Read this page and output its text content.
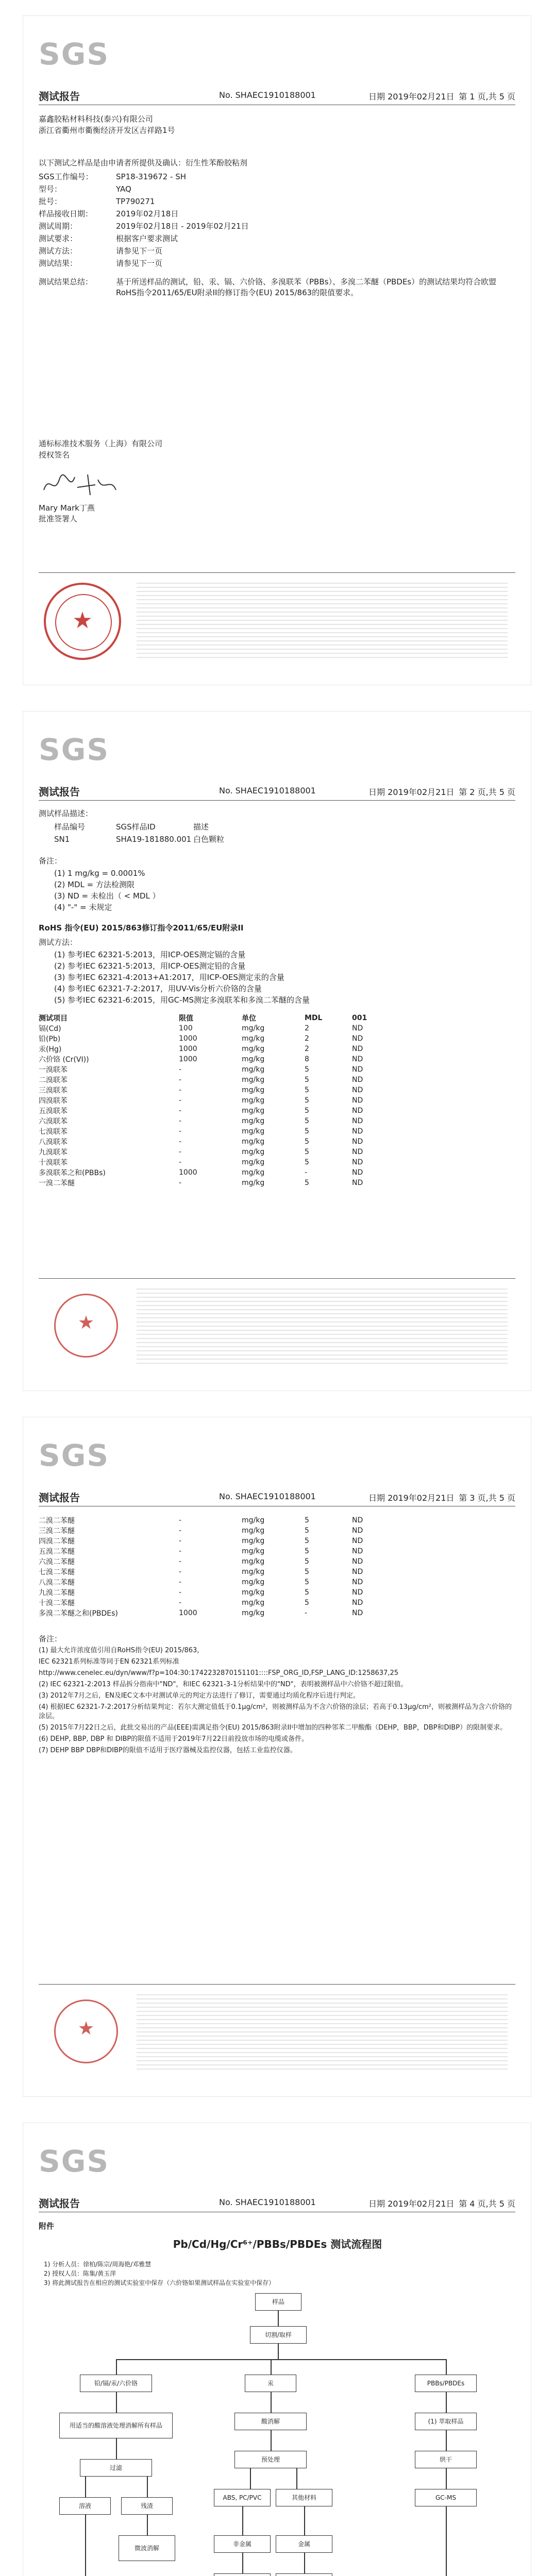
SGS
测试报告	No. SHAEC1910188001	日期 2019年02月21日 第 1 页,共 5 页
嘉鑫胶粘材料科技(泰兴)有限公司
浙江省衢州市衢衡经济开发区吉祥路1号
以下测试之样品是由申请者所提供及确认：衍生性苯酚胶粘剂
SGS工作编号：	SP18-319672 - SH
型号：	YAQ
批号：	TP790271
样品接收日期：	2019年02月18日
测试周期：	2019年02月18日 - 2019年02月21日
测试要求：	根据客户要求测试
测试方法：	请参见下一页
测试结果：	请参见下一页
测试结果总结：	基于所送样品的测试，铅、汞、镉、六价铬、多溴联苯（PBBs）、多溴二苯醚（PBDEs）的测试结果均符合欧盟RoHS指令2011/65/EU附录II的修订指令(EU) 2015/863的限值要求。
通标标准技术服务（上海）有限公司
授权签名
Mary Mark丁燕
批准签署人
★
SGS
测试报告	No. SHAEC1910188001	日期 2019年02月21日 第 2 页,共 5 页
测试样品描述：
样品编号	SGS样品ID	描述
SN1	SHA19-181880.001 白色颗粒
备注：
(1) 1 mg/kg = 0.0001%
(2) MDL = 方法检测限
(3) ND = 未检出（ < MDL ）
(4) "-" = 未规定
RoHS 指令(EU) 2015/863修订指令2011/65/EU附录II
测试方法：
(1) 参考IEC 62321-5:2013，用ICP-OES测定镉的含量
(2) 参考IEC 62321-5:2013，用ICP-OES测定铅的含量
(3) 参考IEC 62321-4:2013+A1:2017，用ICP-OES测定汞的含量
(4) 参考IEC 62321-7-2:2017，用UV-Vis分析六价铬的含量
(5) 参考IEC 62321-6:2015，用GC-MS测定多溴联苯和多溴二苯醚的含量
测试项目	限值	单位	MDL	001
镉(Cd)	100	mg/kg	2	ND
铅(Pb)	1000	mg/kg	2	ND
汞(Hg)	1000	mg/kg	2	ND
六价铬 (Cr(VI))	1000	mg/kg	8	ND
一溴联苯	-	mg/kg	5	ND
二溴联苯	-	mg/kg	5	ND
三溴联苯	-	mg/kg	5	ND
四溴联苯	-	mg/kg	5	ND
五溴联苯	-	mg/kg	5	ND
六溴联苯	-	mg/kg	5	ND
七溴联苯	-	mg/kg	5	ND
八溴联苯	-	mg/kg	5	ND
九溴联苯	-	mg/kg	5	ND
十溴联苯	-	mg/kg	5	ND
多溴联苯之和(PBBs)	1000	mg/kg	-	ND
一溴二苯醚	-	mg/kg	5	ND
★
SGS
测试报告	No. SHAEC1910188001	日期 2019年02月21日 第 3 页,共 5 页
二溴二苯醚	-	mg/kg	5	ND
三溴二苯醚	-	mg/kg	5	ND
四溴二苯醚	-	mg/kg	5	ND
五溴二苯醚	-	mg/kg	5	ND
六溴二苯醚	-	mg/kg	5	ND
七溴二苯醚	-	mg/kg	5	ND
八溴二苯醚	-	mg/kg	5	ND
九溴二苯醚	-	mg/kg	5	ND
十溴二苯醚	-	mg/kg	5	ND
多溴二苯醚之和(PBDEs)	1000	mg/kg	-	ND
备注：
(1) 最大允许浓度值引用自RoHS指令(EU) 2015/863，
IEC 62321系列标准等同于EN 62321系列标准
http://www.cenelec.eu/dyn/www/f?p=104:30:1742232870151101::::FSP_ORG_ID,FSP_LANG_ID:1258637,25
(2) IEC 62321-2:2013 样品拆分指南中"ND"，和IEC 62321-3-1分析结果中的"ND"，表明被测样品中六价铬不超过限值。
(3) 2012年7月之后，EN及IEC文本中对测试单元的判定方法进行了修订，需要通过均质化程序后进行判定。
(4) 根据IEC 62321-7-2:2017分析结果判定：若尔大测定值低于0.1μg/cm²，则被测样品为不含六价铬的涂层；若高于0.13μg/cm²，则被测样品为含六价铬的涂层。
(5) 2015年7月22日之后，此批交易出的产品(EEE)需满足指令(EU) 2015/863附录II中增加的四种邻苯二甲酸酯（DEHP，BBP，DBP和DIBP）的限制要求。
(6) DEHP, BBP, DBP 和 DIBP的限值不适用于2019年7月22日前投放市场的电缆或备件。
(7) DEHP BBP DBP和DIBP的限值不适用于医疗器械及监控仪器，包括工业监控仪器。
★
SGS
测试报告	No. SHAEC1910188001	日期 2019年02月21日 第 4 页,共 5 页
附件
Pb/Cd/Hg/Cr⁶⁺/PBBs/PBDEs 测试流程图
1) 分析人员：徐柏/陈宗/周海艳/邓雅慧
2) 授权人员：陈集/黄玉萍
3) 将此测试报告在相应的测试实验室中保存（六价铬如果测试样品在实验室中保存）
样品
切割/取样
铅/镉/汞/六价铬	汞	PBBs/PBDEs
用适当的酸溶液处理消解所有样品
过滤
溶液	残渣
微波消解
酸消解
预处理
ABS, PC/PVC	其他材料
非金属	金属
(1) 萃取样品
烘干
GC-MS
